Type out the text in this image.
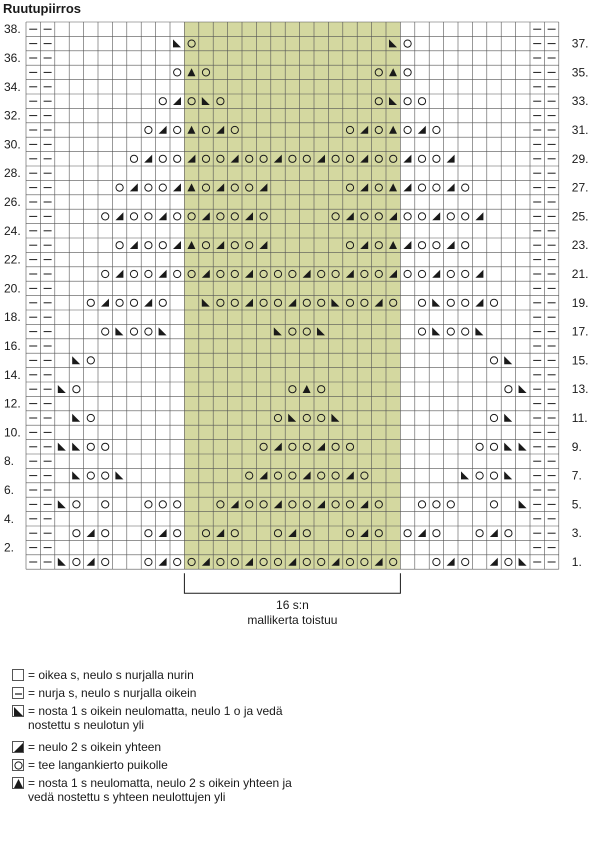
Ruutupiirros
38.
36.
34.
32.
30.
28.
26.
24.
22.
20.
18.
16.
14.
12.
10.
8.
6.
4.
2.
37.
35.
33.
31.
29.
27.
25.
23.
21.
19.
17.
15.
13.
11.
9.
7.
5.
3.
1.
16 s:n
mallikerta toistuu
= oikea s, neulo s nurjalla nurin
= nurja s, neulo s nurjalla oikein
= nosta 1 s oikein neulomatta, neulo 1 o ja vedä nostettu s neulotun yli
= neulo 2 s oikein yhteen
= tee langankierto puikolle
= nosta 1 s neulomatta, neulo 2 s oikein yhteen ja vedä nostettu s yhteen neulottujen yli
